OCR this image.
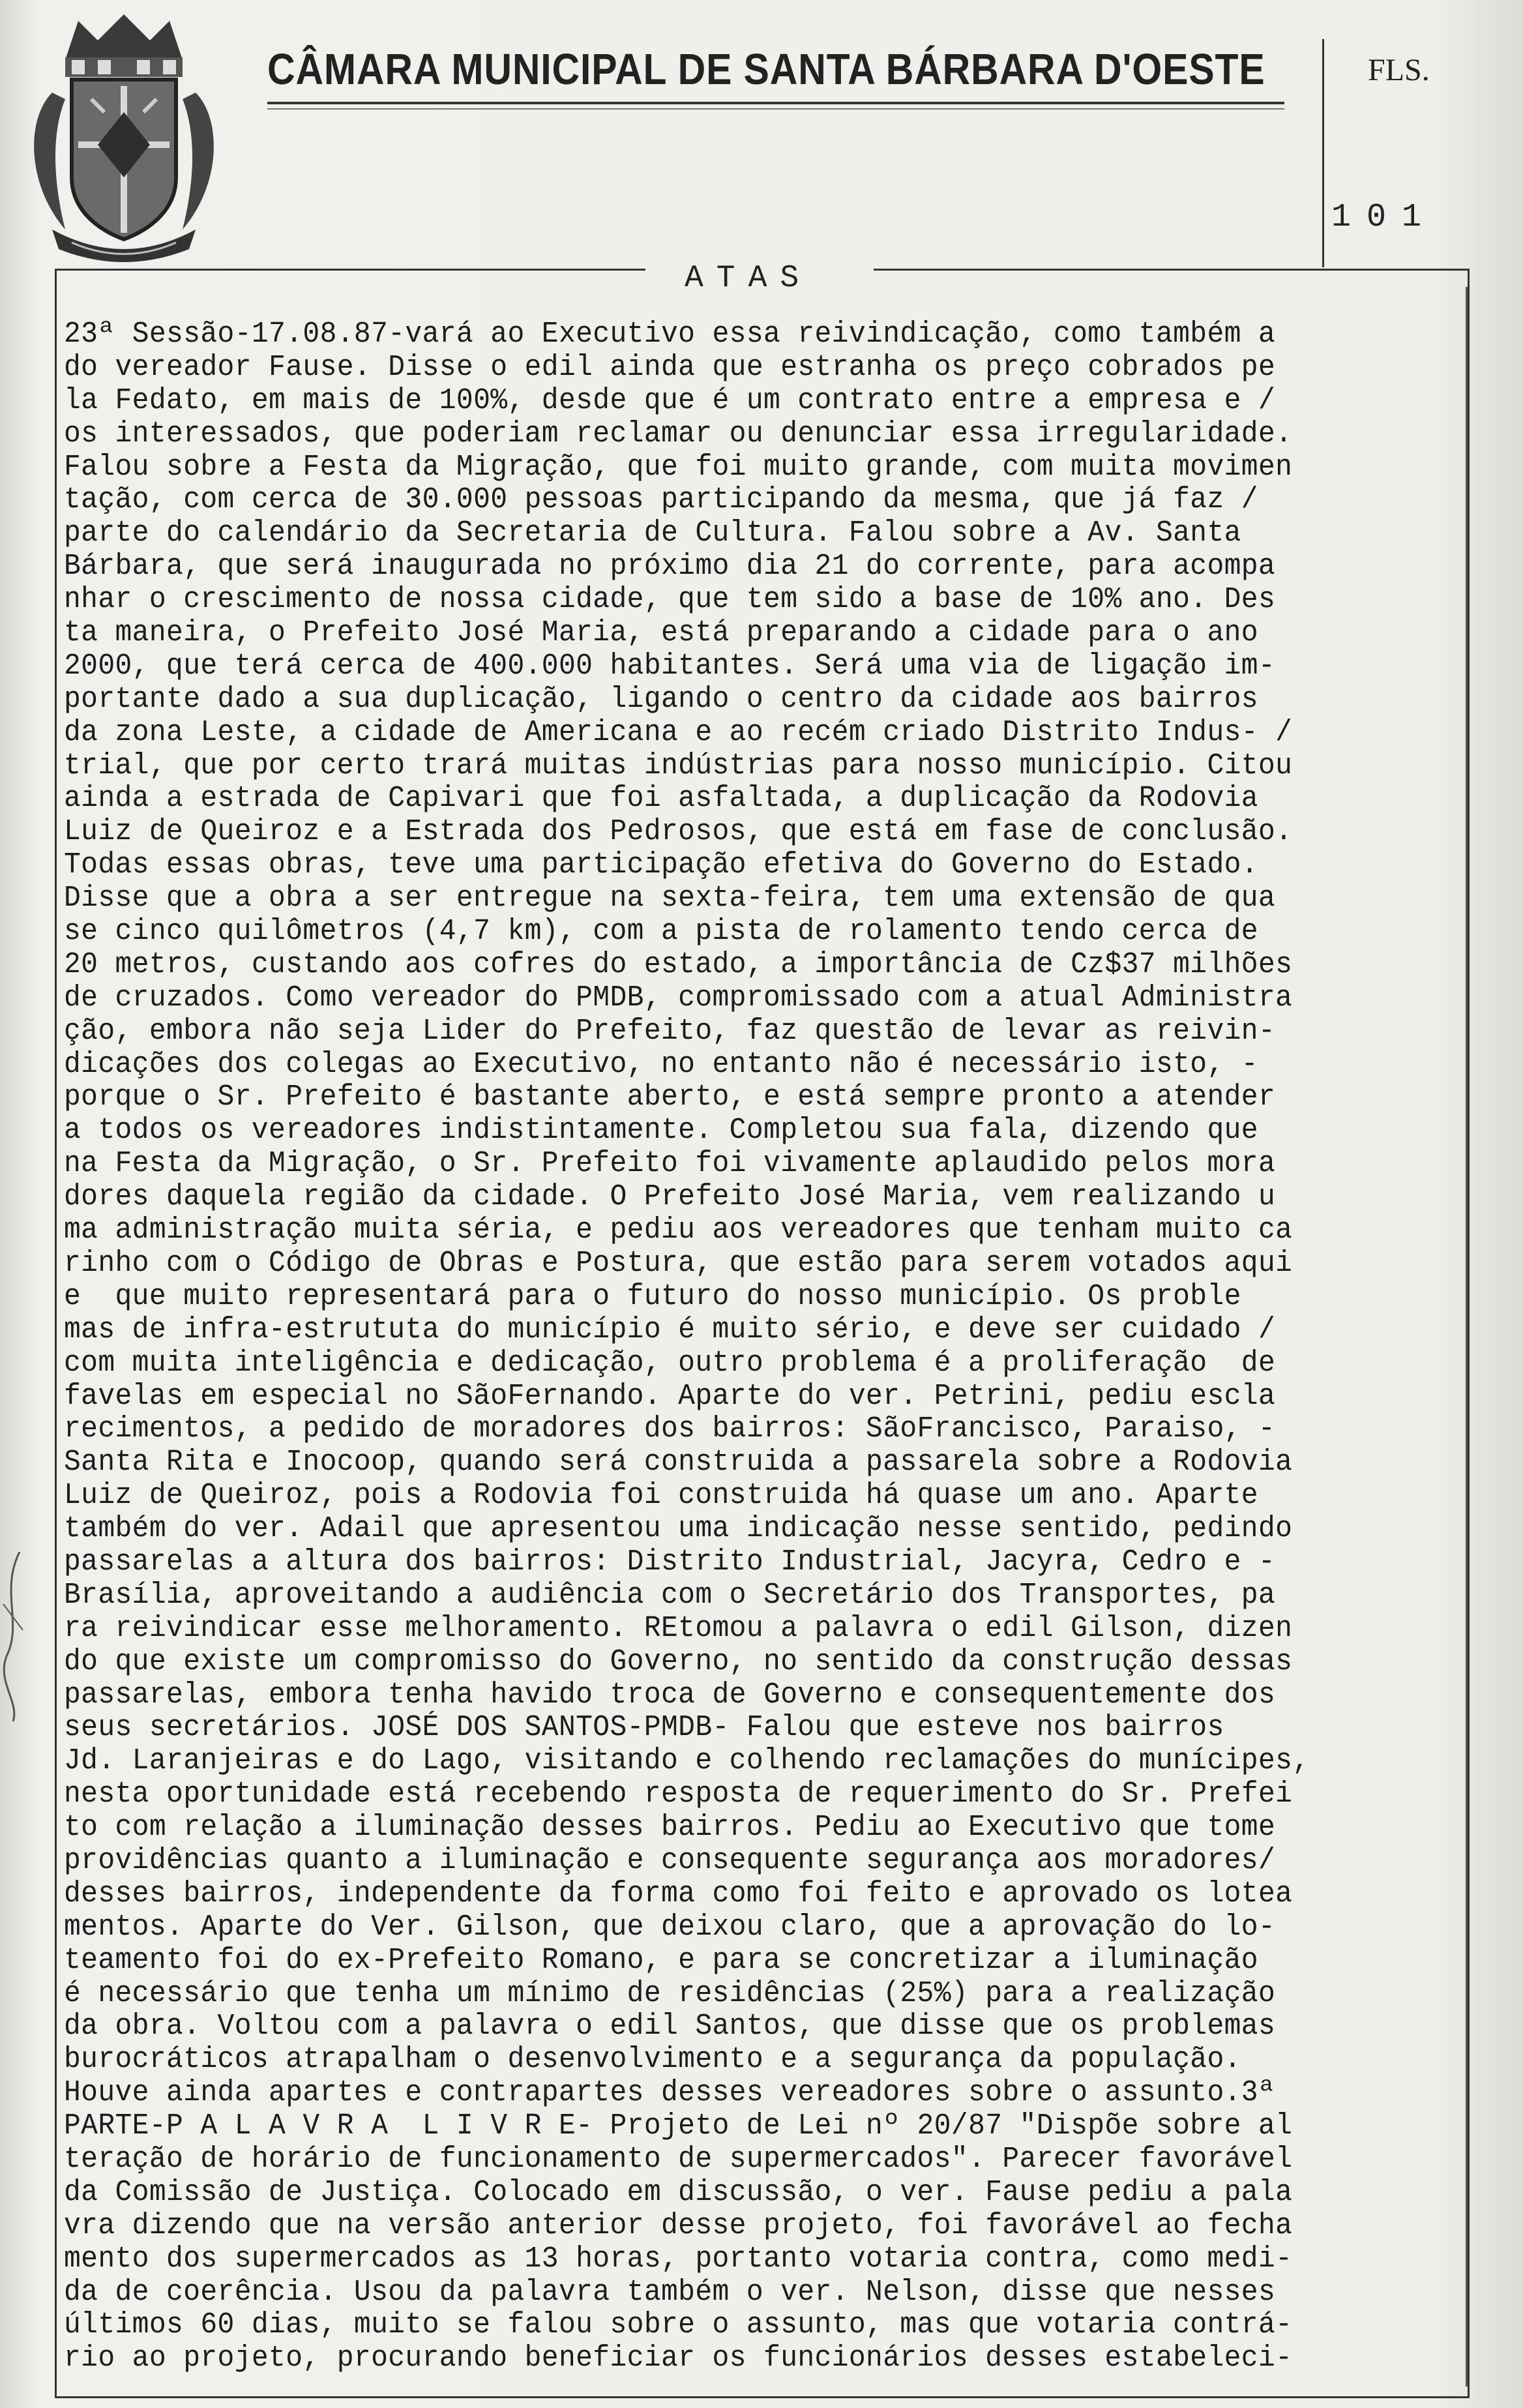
CÂMARA MUNICIPAL DE SANTA BÁRBARA D'OESTE	FLS.
101
ATAS
23ª Sessão-17.08.87-vará ao Executivo essa reivindicação, como também a
do vereador Fause. Disse o edil ainda que estranha os preço cobrados pe
la Fedato, em mais de 100%, desde que é um contrato entre a empresa e /
os interessados, que poderiam reclamar ou denunciar essa irregularidade.
Falou sobre a Festa da Migração, que foi muito grande, com muita movimen
tação, com cerca de 30.000 pessoas participando da mesma, que já faz /
parte do calendário da Secretaria de Cultura. Falou sobre a Av. Santa
Bárbara, que será inaugurada no próximo dia 21 do corrente, para acompa
nhar o crescimento de nossa cidade, que tem sido a base de 10% ano. Des
ta maneira, o Prefeito José Maria, está preparando a cidade para o ano
2000, que terá cerca de 400.000 habitantes. Será uma via de ligação im-
portante dado a sua duplicação, ligando o centro da cidade aos bairros
da zona Leste, a cidade de Americana e ao recém criado Distrito Indus- /
trial, que por certo trará muitas indústrias para nosso município. Citou
ainda a estrada de Capivari que foi asfaltada, a duplicação da Rodovia
Luiz de Queiroz e a Estrada dos Pedrosos, que está em fase de conclusão.
Todas essas obras, teve uma participação efetiva do Governo do Estado.
Disse que a obra a ser entregue na sexta-feira, tem uma extensão de qua
se cinco quilômetros (4,7 km), com a pista de rolamento tendo cerca de
20 metros, custando aos cofres do estado, a importância de Cz$37 milhões
de cruzados. Como vereador do PMDB, compromissado com a atual Administra
ção, embora não seja Lider do Prefeito, faz questão de levar as reivin-
dicações dos colegas ao Executivo, no entanto não é necessário isto, -
porque o Sr. Prefeito é bastante aberto, e está sempre pronto a atender
a todos os vereadores indistintamente. Completou sua fala, dizendo que
na Festa da Migração, o Sr. Prefeito foi vivamente aplaudido pelos mora
dores daquela região da cidade. O Prefeito José Maria, vem realizando u
ma administração muita séria, e pediu aos vereadores que tenham muito ca
rinho com o Código de Obras e Postura, que estão para serem votados aqui
e  que muito representará para o futuro do nosso município. Os proble
mas de infra-estrututa do município é muito sério, e deve ser cuidado /
com muita inteligência e dedicação, outro problema é a proliferação  de
favelas em especial no SãoFernando. Aparte do ver. Petrini, pediu escla
recimentos, a pedido de moradores dos bairros: SãoFrancisco, Paraiso, -
Santa Rita e Inocoop, quando será construida a passarela sobre a Rodovia
Luiz de Queiroz, pois a Rodovia foi construida há quase um ano. Aparte
também do ver. Adail que apresentou uma indicação nesse sentido, pedindo
passarelas a altura dos bairros: Distrito Industrial, Jacyra, Cedro e -
Brasília, aproveitando a audiência com o Secretário dos Transportes, pa
ra reivindicar esse melhoramento. REtomou a palavra o edil Gilson, dizen
do que existe um compromisso do Governo, no sentido da construção dessas
passarelas, embora tenha havido troca de Governo e consequentemente dos
seus secretários. JOSÉ DOS SANTOS-PMDB- Falou que esteve nos bairros
Jd. Laranjeiras e do Lago, visitando e colhendo reclamações do munícipes,
nesta oportunidade está recebendo resposta de requerimento do Sr. Prefei
to com relação a iluminação desses bairros. Pediu ao Executivo que tome
providências quanto a iluminação e consequente segurança aos moradores/
desses bairros, independente da forma como foi feito e aprovado os lotea
mentos. Aparte do Ver. Gilson, que deixou claro, que a aprovação do lo-
teamento foi do ex-Prefeito Romano, e para se concretizar a iluminação
é necessário que tenha um mínimo de residências (25%) para a realização
da obra. Voltou com a palavra o edil Santos, que disse que os problemas
burocráticos atrapalham o desenvolvimento e a segurança da população.
Houve ainda apartes e contrapartes desses vereadores sobre o assunto.3ª
PARTE-P A L A V R A  L I V R E- Projeto de Lei nº 20/87 "Dispõe sobre al
teração de horário de funcionamento de supermercados". Parecer favorável
da Comissão de Justiça. Colocado em discussão, o ver. Fause pediu a pala
vra dizendo que na versão anterior desse projeto, foi favorável ao fecha
mento dos supermercados as 13 horas, portanto votaria contra, como medi-
da de coerência. Usou da palavra também o ver. Nelson, disse que nesses
últimos 60 dias, muito se falou sobre o assunto, mas que votaria contrá-
rio ao projeto, procurando beneficiar os funcionários desses estabeleci-
